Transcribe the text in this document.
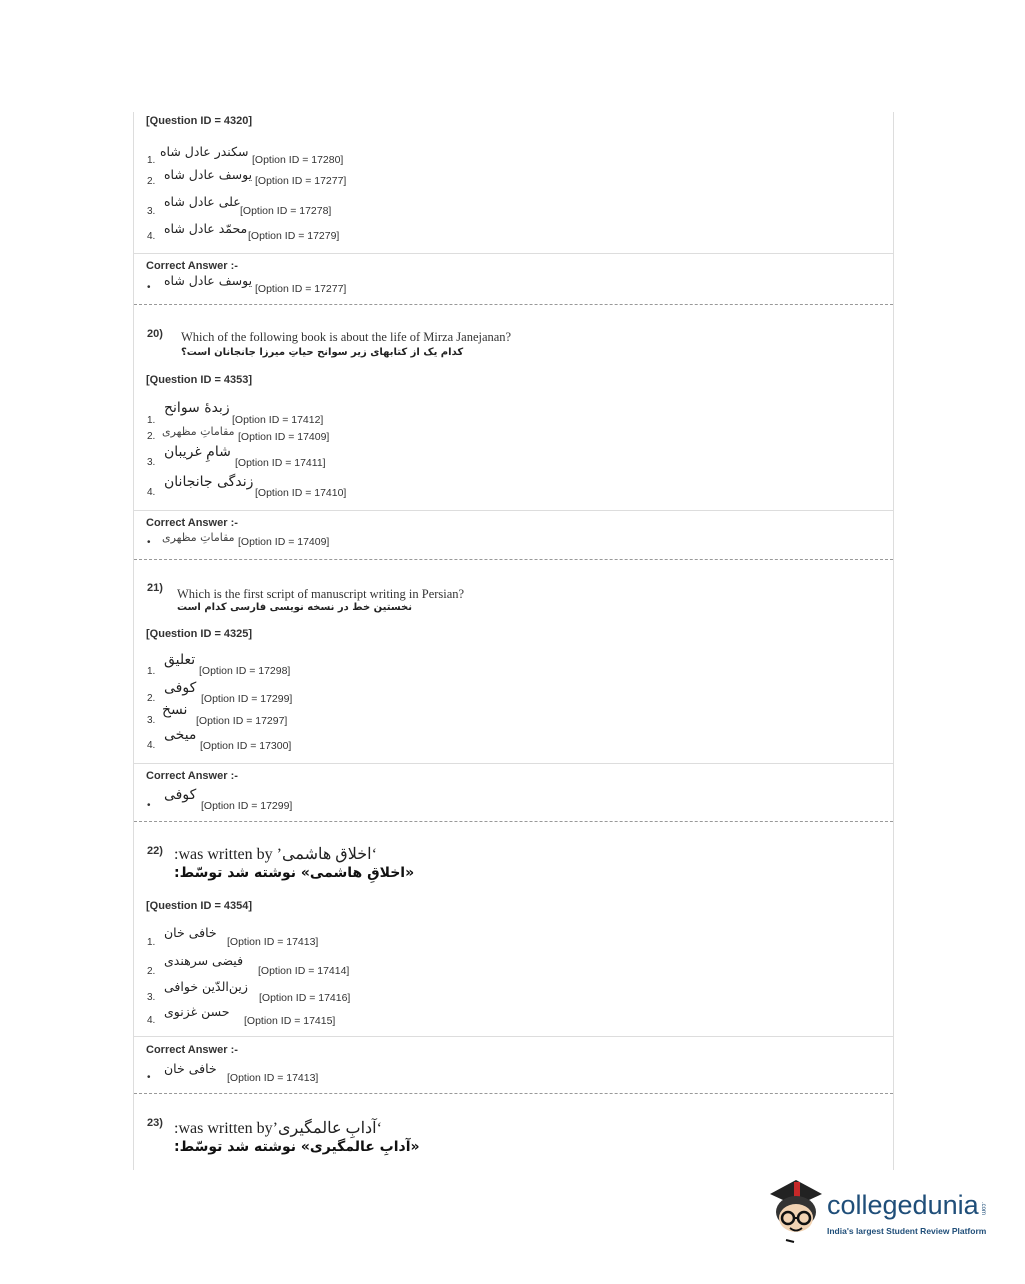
[Question ID = 4320]
1.
سکندر عادل شاه
[Option ID = 17280]
2. یوسف عادل شاه [Option ID = 17277]
3.
علی عادل شاه
[Option ID = 17278]
4.
محمّد عادل شاه [Option ID = 17279]
Correct Answer :-
• یوسف عادل شاه
[Option ID = 17277]
20) Which of the following book is about the life of Mirza Janejanan?
کدام یک از کتابهای زیر سوانح حیاتِ میرزا جانجانان است؟
[Question ID = 4353]
1.
زبدۀ سوانح
[Option ID = 17412]
2. مقاماتِ مظهری [Option ID = 17409]
3.
شامِ غریبان
[Option ID = 17411]
4.
زندگی جانجانان
[Option ID = 17410]
Correct Answer :-
• مقاماتِ مظهری [Option ID = 17409]
21) Which is the first script of manuscript writing in Persian?
نخستین خط در نسخه نویسی فارسی کدام است
[Question ID = 4325]
1.
تعلیق
[Option ID = 17298]
2.
کوفی
[Option ID = 17299]
3.
نسخ
[Option ID = 17297]
4.
میخی
[Option ID = 17300]
Correct Answer :-
•
کوفی
[Option ID = 17299]
22) ‘اخلاق هاشمی’ was written by:
«اخلاقِ هاشمی» نوشته شد توسّط:
[Question ID = 4354]
1.
خافی خان
[Option ID = 17413]
2.
فیضی سرهندی
[Option ID = 17414]
3.
زین‌الدّین خوافی
[Option ID = 17416]
4.
حسن غزنوی
[Option ID = 17415]
Correct Answer :-
•
خافی خان
[Option ID = 17413]
23) ‘آدابِ عالمگیری’was written by:
«آدابِ عالمگیری» نوشته شد توسّط:
collegedunia .com
India's largest Student Review Platform
